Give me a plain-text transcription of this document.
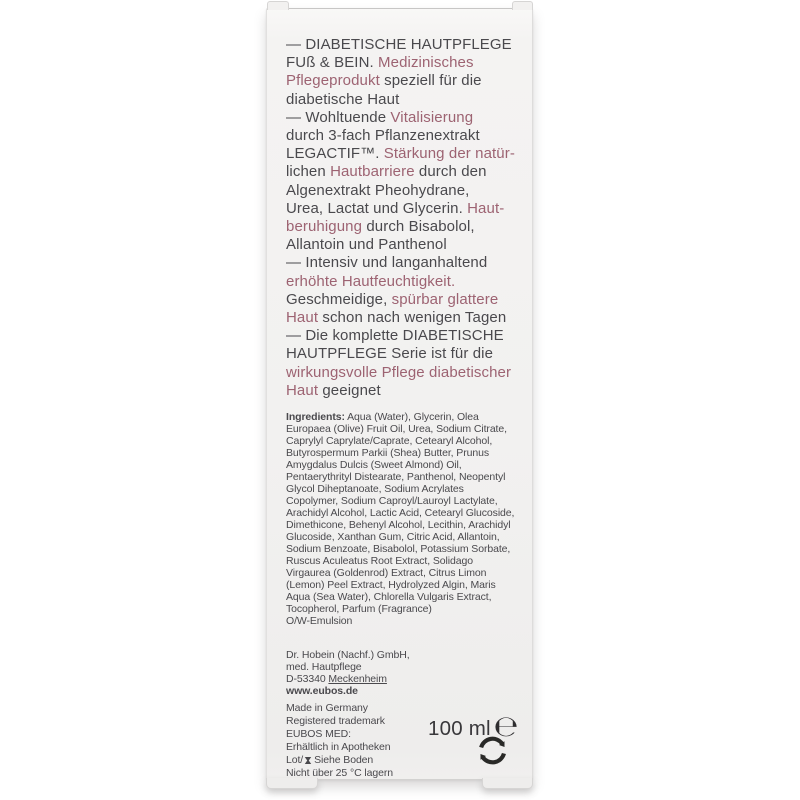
— DIABETISCHE HAUTPFLEGE
FUß & BEIN. Medizinisches
Pflegeprodukt speziell für die
diabetische Haut
— Wohltuende Vitalisierung
durch 3-fach Pflanzenextrakt
LEGACTIF™. Stärkung der natür-
lichen Hautbarriere durch den
Algenextrakt Pheohydrane,
Urea, Lactat und Glycerin. Haut-
beruhigung durch Bisabolol,
Allantoin und Panthenol
— Intensiv und langanhaltend
erhöhte Hautfeuchtigkeit.
Geschmeidige, spürbar glattere
Haut schon nach wenigen Tagen
— Die komplette DIABETISCHE
HAUTPFLEGE Serie ist für die
wirkungsvolle Pflege diabetischer
Haut geeignet
Ingredients: Aqua (Water), Glycerin, Olea Europaea (Olive) Fruit Oil, Urea, Sodium Citrate, Caprylyl Caprylate/Caprate, Cetearyl Alcohol, Butyrospermum Parkii (Shea) Butter, Prunus Amygdalus Dulcis (Sweet Almond) Oil, Pentaerythrityl Distearate, Panthenol, Neopentyl Glycol Diheptanoate, Sodium Acrylates Copolymer, Sodium Caproyl/Lauroyl Lactylate, Arachidyl Alcohol, Lactic Acid, Cetearyl Glucoside, Dimethicone, Behenyl Alcohol, Lecithin, Arachidyl Glucoside, Xanthan Gum, Citric Acid, Allantoin, Sodium Benzoate, Bisabolol, Potassium Sorbate, Ruscus Aculeatus Root Extract, Solidago Virgaurea (Goldenrod) Extract, Citrus Limon (Lemon) Peel Extract, Hydrolyzed Algin, Maris Aqua (Sea Water), Chlorella Vulgaris Extract, Tocopherol, Parfum (Fragrance)
O/W-Emulsion
Dr. Hobein (Nachf.) GmbH,
med. Hautpflege
D-53340 Meckenheim
www.eubos.de
Made in Germany
Registered trademark
EUBOS MED:
Erhältlich in Apotheken
Lot/ Siehe Boden
Nicht über 25 °C lagern
100 ml ℮
